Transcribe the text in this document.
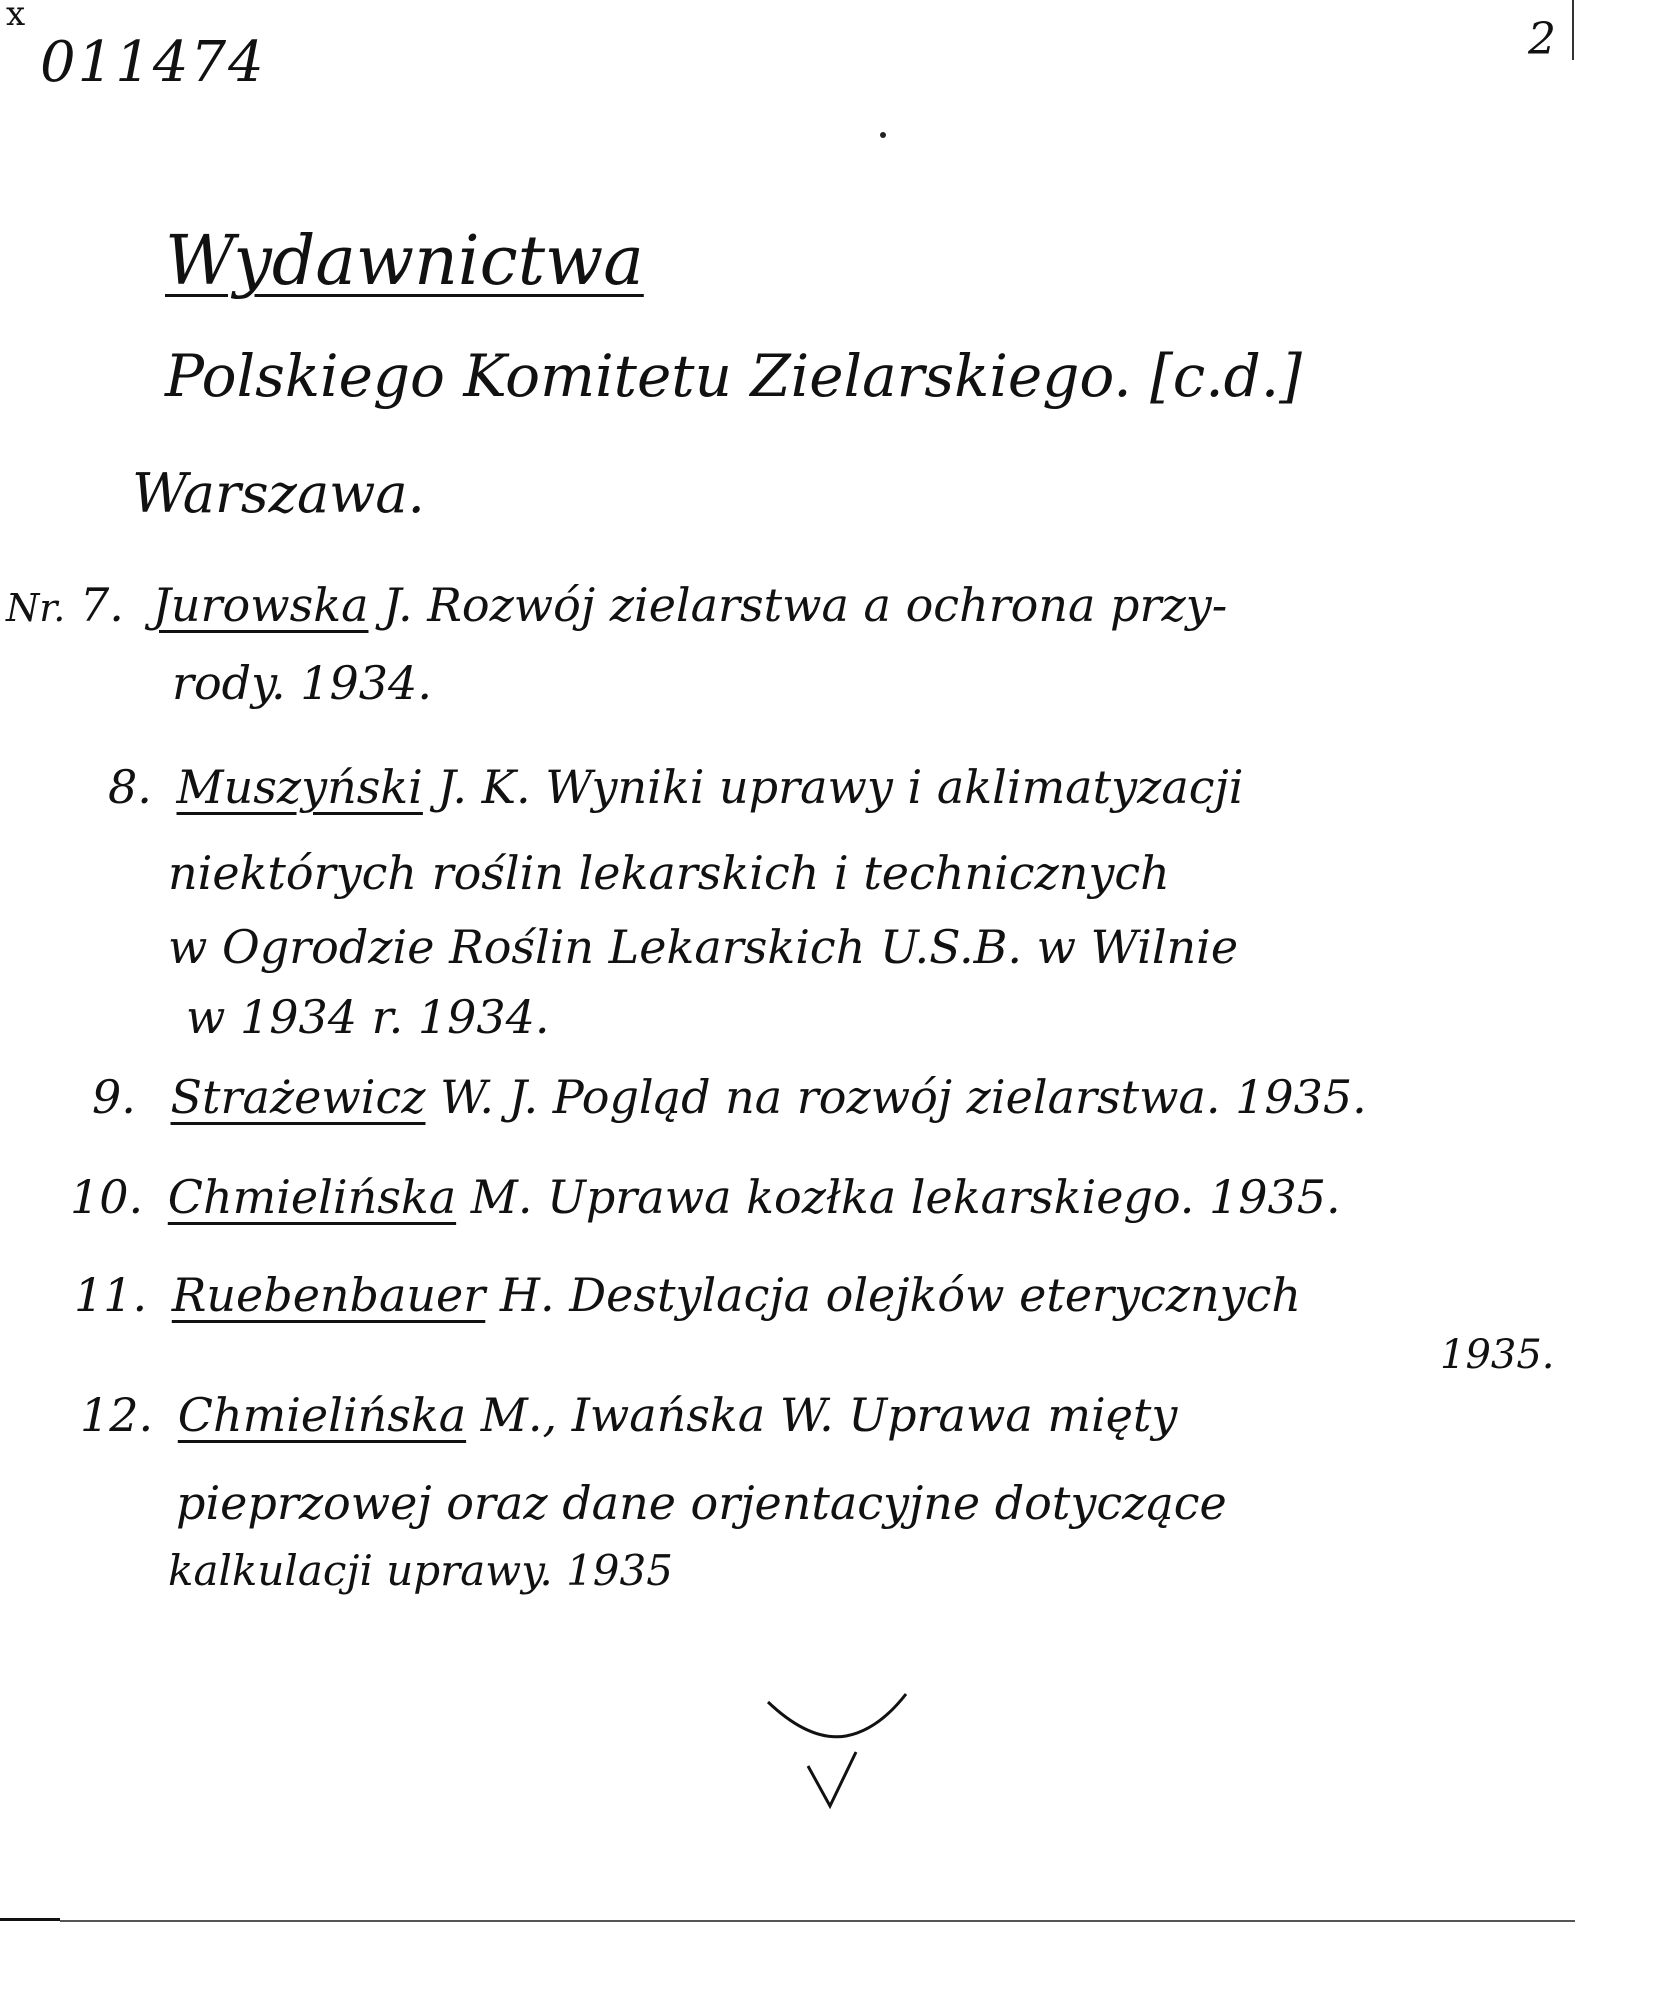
x
011474	2
Wydawnictwa
Polskiego Komitetu Zielarskiego. [c.d.]
Warszawa.
Nr. 7. Jurowska J. Rozwój zielarstwa a ochrona przy-
rody. 1934.
8. Muszyński J. K. Wyniki uprawy i aklimatyzacji
niektórych roślin lekarskich i technicznych
w Ogrodzie Roślin Lekarskich U.S.B. w Wilnie
w 1934 r. 1934.
9. Strażewicz W. J. Pogląd na rozwój zielarstwa. 1935.
10. Chmielińska M. Uprawa kozłka lekarskiego. 1935.
11. Ruebenbauer H. Destylacja olejków eterycznych
1935.
12. Chmielińska M., Iwańska W. Uprawa mięty
pieprzowej oraz dane orjentacyjne dotyczące
kalkulacji uprawy. 1935
